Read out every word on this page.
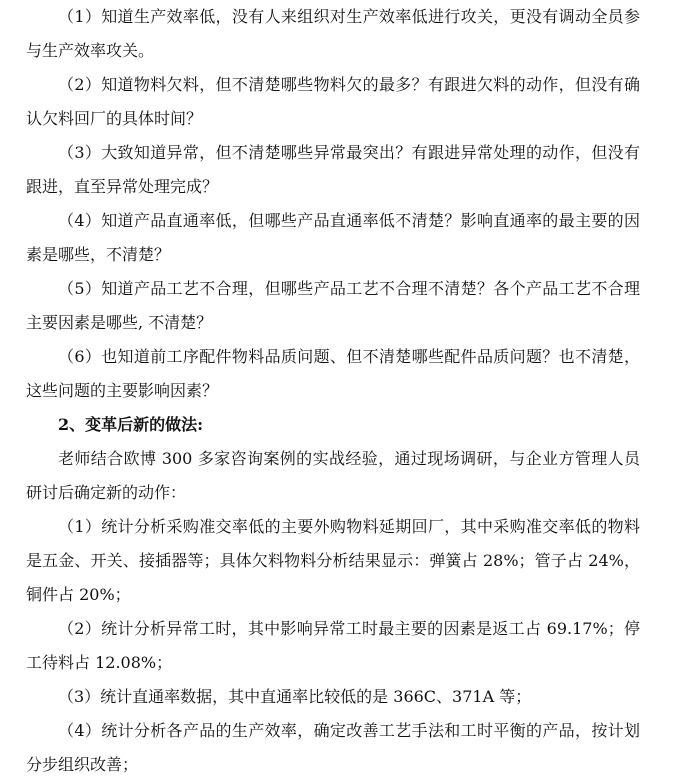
（1）知道生产效率低，没有人来组织对生产效率低进行攻关，更没有调动全员参与生产效率攻关。

（2）知道物料欠料，但不清楚哪些物料欠的最多？有跟进欠料的动作，但没有确认欠料回厂的具体时间？

（3）大致知道异常，但不清楚哪些异常最突出？有跟进异常处理的动作，但没有跟进，直至异常处理完成？

（4）知道产品直通率低，但哪些产品直通率低不清楚？影响直通率的最主要的因素是哪些，不清楚？

（5）知道产品工艺不合理，但哪些产品工艺不合理不清楚？各个产品工艺不合理主要因素是哪些, 不清楚？

（6）也知道前工序配件物料品质问题、但不清楚哪些配件品质问题？也不清楚，这些问题的主要影响因素？

2、变革后新的做法:

老师结合欧博 300 多家咨询案例的实战经验，通过现场调研，与企业方管理人员研讨后确定新的动作：

（1）统计分析采购准交率低的主要外购物料延期回厂，其中采购准交率低的物料是五金、开关、接插器等；具体欠料物料分析结果显示：弹簧占 28%；管子占 24%，铜件占 20%；

（2）统计分析异常工时，其中影响异常工时最主要的因素是返工占 69.17%；停工待料占 12.08%；

（3）统计直通率数据，其中直通率比较低的是 366C、371A 等；

（4）统计分析各产品的生产效率，确定改善工艺手法和工时平衡的产品，按计划分步组织改善；
